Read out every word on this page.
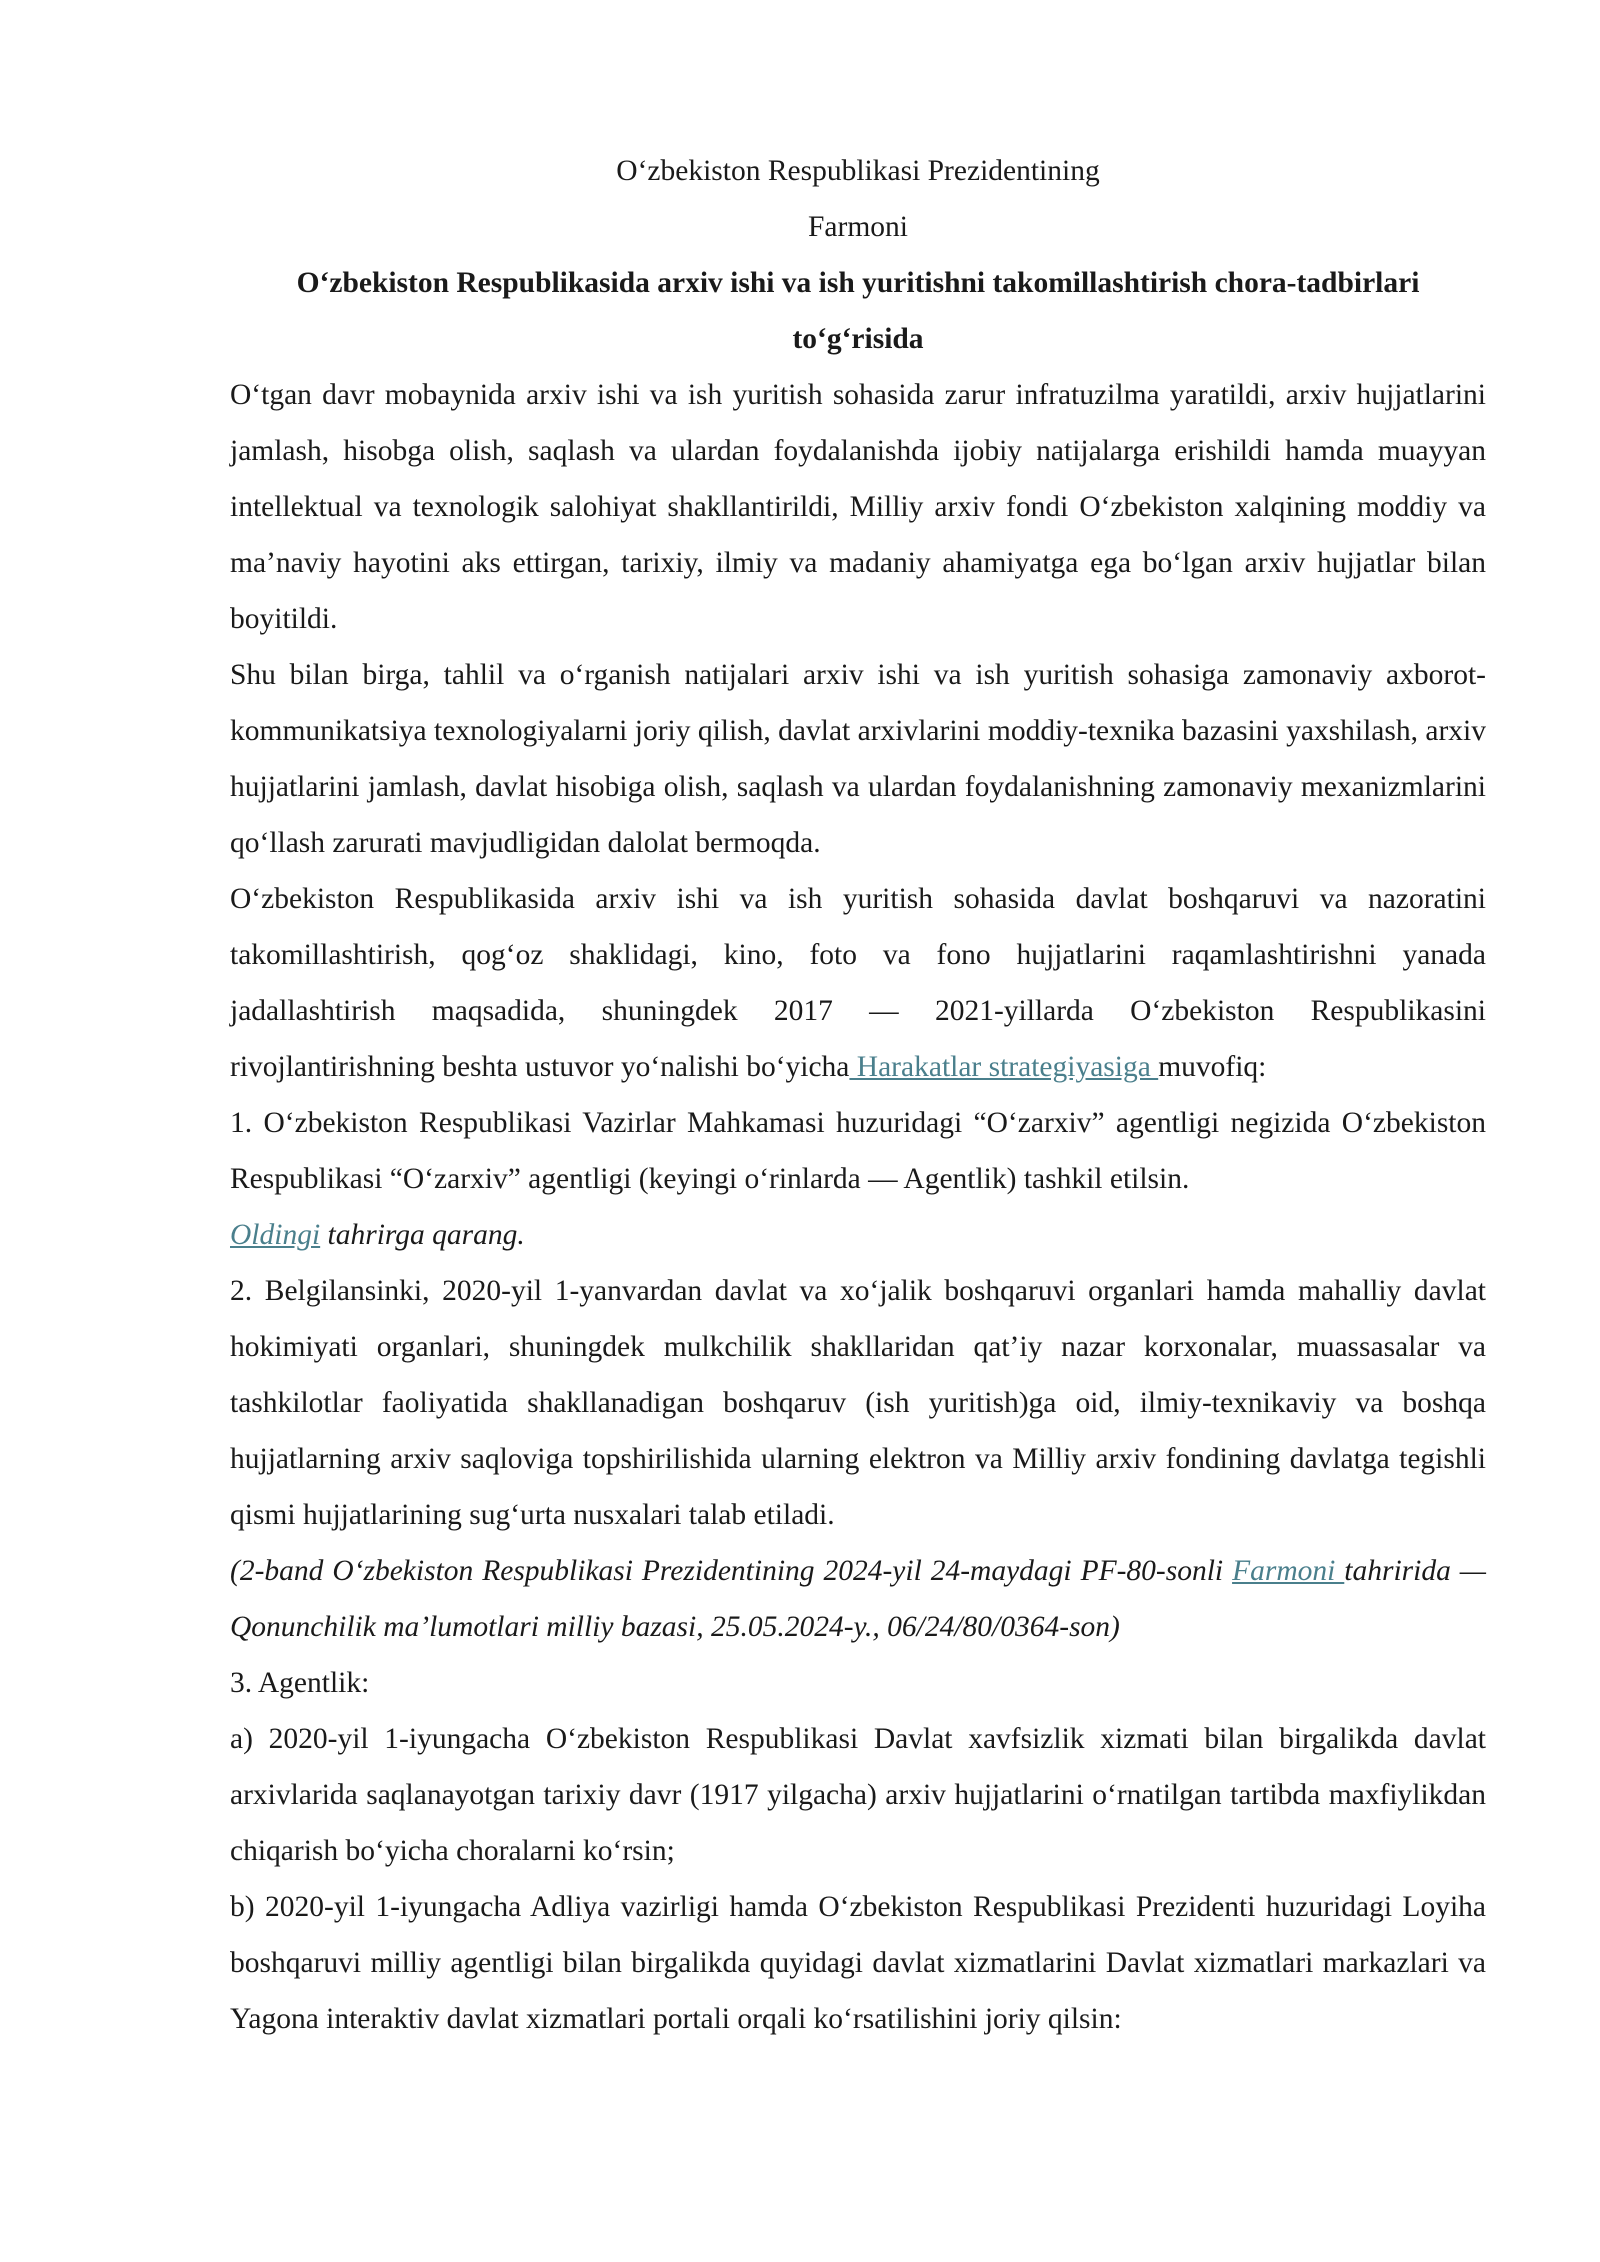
O‘zbekiston Respublikasi Prezidentining

Farmoni

O‘zbekiston Respublikasida arxiv ishi va ish yuritishni takomillashtirish chora-tadbirlari to‘g‘risida

O‘tgan davr mobaynida arxiv ishi va ish yuritish sohasida zarur infratuzilma yaratildi, arxiv hujjatlarini jamlash, hisobga olish, saqlash va ulardan foydalanishda ijobiy natijalarga erishildi hamda muayyan intellektual va texnologik salohiyat shakllantirildi, Milliy arxiv fondi O‘zbekiston xalqining moddiy va ma’naviy hayotini aks ettirgan, tarixiy, ilmiy va madaniy ahamiyatga ega bo‘lgan arxiv hujjatlar bilan boyitildi.

Shu bilan birga, tahlil va o‘rganish natijalari arxiv ishi va ish yuritish sohasiga zamonaviy axborot-kommunikatsiya texnologiyalarni joriy qilish, davlat arxivlarini moddiy-texnika bazasini yaxshilash, arxiv hujjatlarini jamlash, davlat hisobiga olish, saqlash va ulardan foydalanishning zamonaviy mexanizmlarini qo‘llash zarurati mavjudligidan dalolat bermoqda.

O‘zbekiston Respublikasida arxiv ishi va ish yuritish sohasida davlat boshqaruvi va nazoratini takomillashtirish, qog‘oz shaklidagi, kino, foto va fono hujjatlarini raqamlashtirishni yanada jadallashtirish maqsadida, shuningdek 2017 — 2021-yillarda O‘zbekiston Respublikasini rivojlantirishning beshta ustuvor yo‘nalishi bo‘yicha Harakatlar strategiyasiga muvofiq:

1. O‘zbekiston Respublikasi Vazirlar Mahkamasi huzuridagi “O‘zarxiv” agentligi negizida O‘zbekiston Respublikasi “O‘zarxiv” agentligi (keyingi o‘rinlarda — Agentlik) tashkil etilsin.

Oldingi tahrirga qarang.

2. Belgilansinki, 2020-yil 1-yanvardan davlat va xo‘jalik boshqaruvi organlari hamda mahalliy davlat hokimiyati organlari, shuningdek mulkchilik shakllaridan qat’iy nazar korxonalar, muassasalar va tashkilotlar faoliyatida shakllanadigan boshqaruv (ish yuritish)ga oid, ilmiy-texnikaviy va boshqa hujjatlarning arxiv saqloviga topshirilishida ularning elektron va Milliy arxiv fondining davlatga tegishli qismi hujjatlarining sug‘urta nusxalari talab etiladi.

(2-band O‘zbekiston Respublikasi Prezidentining 2024-yil 24-maydagi PF-80-sonli Farmoni tahririda — Qonunchilik ma’lumotlari milliy bazasi, 25.05.2024-y., 06/24/80/0364-son)

3. Agentlik:

a) 2020-yil 1-iyungacha O‘zbekiston Respublikasi Davlat xavfsizlik xizmati bilan birgalikda davlat arxivlarida saqlanayotgan tarixiy davr (1917 yilgacha) arxiv hujjatlarini o‘rnatilgan tartibda maxfiylikdan chiqarish bo‘yicha choralarni ko‘rsin;

b) 2020-yil 1-iyungacha Adliya vazirligi hamda O‘zbekiston Respublikasi Prezidenti huzuridagi Loyiha boshqaruvi milliy agentligi bilan birgalikda quyidagi davlat xizmatlarini Davlat xizmatlari markazlari va Yagona interaktiv davlat xizmatlari portali orqali ko‘rsatilishini joriy qilsin:
